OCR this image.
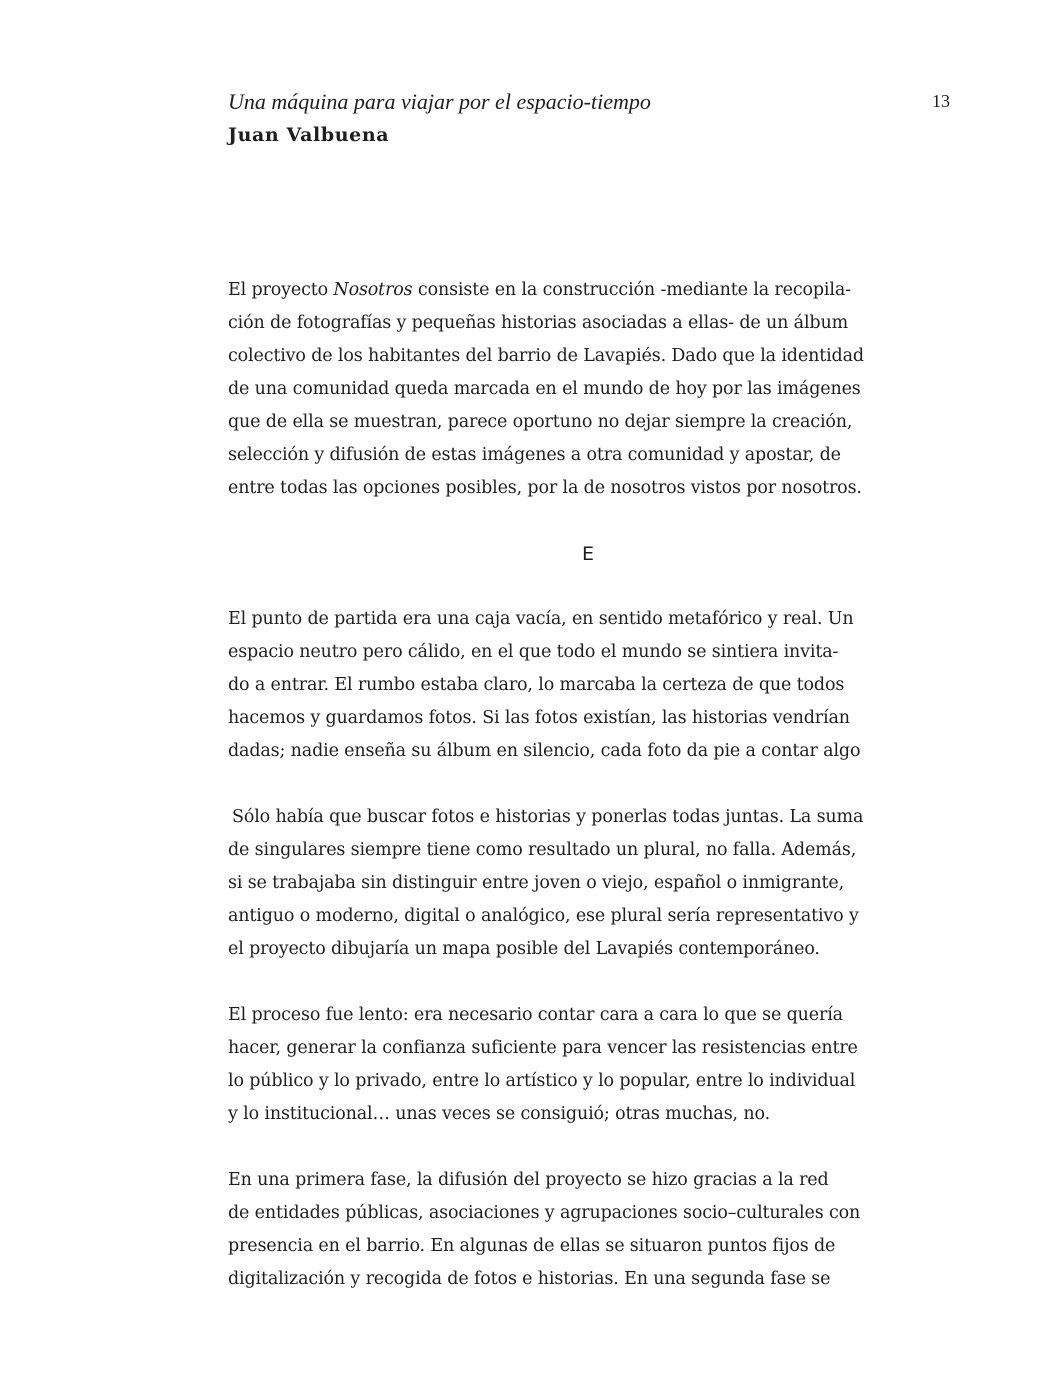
Una máquina para viajar por el espacio-tiempo
Juan Valbuena
13
El proyecto Nosotros consiste en la construcción -mediante la recopila-
ción de fotografías y pequeñas historias asociadas a ellas- de un álbum
colectivo de los habitantes del barrio de Lavapiés. Dado que la identidad
de una comunidad queda marcada en el mundo de hoy por las imágenes
que de ella se muestran, parece oportuno no dejar siempre la creación,
selección y difusión de estas imágenes a otra comunidad y apostar, de
entre todas las opciones posibles, por la de nosotros vistos por nosotros.
E
El punto de partida era una caja vacía, en sentido metafórico y real. Un
espacio neutro pero cálido, en el que todo el mundo se sintiera invita-
do a entrar. El rumbo estaba claro, lo marcaba la certeza de que todos
hacemos y guardamos fotos. Si las fotos existían, las historias vendrían
dadas; nadie enseña su álbum en silencio, cada foto da pie a contar algo
Sólo había que buscar fotos e historias y ponerlas todas juntas. La suma
de singulares siempre tiene como resultado un plural, no falla. Además,
si se trabajaba sin distinguir entre joven o viejo, español o inmigrante,
antiguo o moderno, digital o analógico, ese plural sería representativo y
el proyecto dibujaría un mapa posible del Lavapiés contemporáneo.
El proceso fue lento: era necesario contar cara a cara lo que se quería
hacer, generar la confianza suficiente para vencer las resistencias entre
lo público y lo privado, entre lo artístico y lo popular, entre lo individual
y lo institucional… unas veces se consiguió; otras muchas, no.
En una primera fase, la difusión del proyecto se hizo gracias a la red
de entidades públicas, asociaciones y agrupaciones socio–culturales con
presencia en el barrio. En algunas de ellas se situaron puntos fijos de
digitalización y recogida de fotos e historias. En una segunda fase se
